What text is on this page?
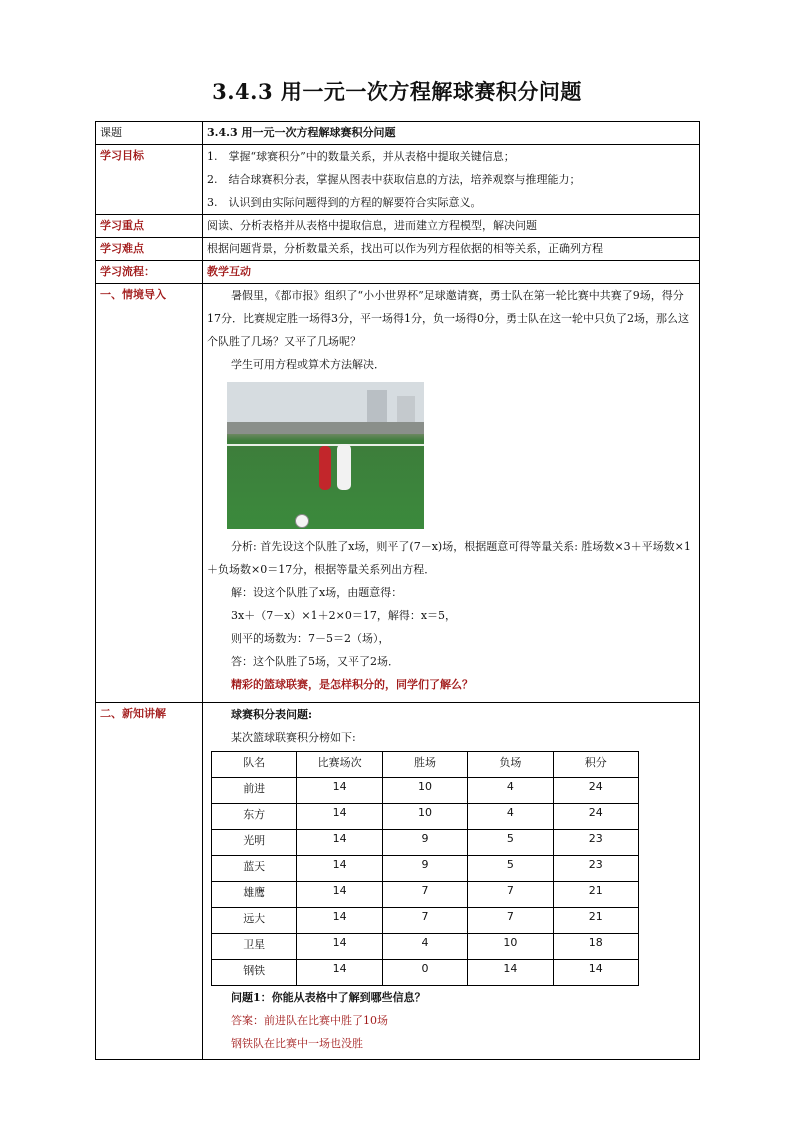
3.4.3 用一元一次方程解球赛积分问题
课题	3.4.3 用一元一次方程解球赛积分问题
学习目标	1.　掌握“球赛积分”中的数量关系，并从表格中提取关键信息；
2.　结合球赛积分表，掌握从图表中获取信息的方法，培养观察与推理能力；
3.　认识到由实际问题得到的方程的解要符合实际意义。

学习重点	阅读、分析表格并从表格中提取信息，进而建立方程模型，解决问题
学习难点	根据问题背景，分析数量关系，找出可以作为列方程依据的相等关系，正确列方程
学习流程：	教学互动
一、情境导入	暑假里，《都市报》组织了“小小世界杯”足球邀请赛，勇士队在第一轮比赛中共赛了9场，得分17分．比赛规定胜一场得3分，平一场得1分，负一场得0分，勇士队在这一轮中只负了2场，那么这个队胜了几场？又平了几场呢？
学生可用方程或算术方法解决．
分析: 首先设这个队胜了x场，则平了(7－x)场，根据题意可得等量关系: 胜场数×3＋平场数×1＋负场数×0＝17分，根据等量关系列出方程．
解：设这个队胜了x场，由题意得：
3x＋（7－x）×1＋2×0＝17，解得：x＝5，
则平的场数为：7－5＝2（场），
答：这个队胜了5场，又平了2场．
精彩的篮球联赛，是怎样积分的，同学们了解么？

二、新知讲解	球赛积分表问题:
某次篮球联赛积分榜如下:
队名	比赛场次	胜场	负场	积分
前进	14	10	4	24
东方	14	10	4	24
光明	14	9	5	23
蓝天	14	9	5	23
雄鹰	14	7	7	21
远大	14	7	7	21
卫星	14	4	10	18
钢铁	14	0	14	14
问题1：你能从表格中了解到哪些信息？
答案：前进队在比赛中胜了10场
钢铁队在比赛中一场也没胜
